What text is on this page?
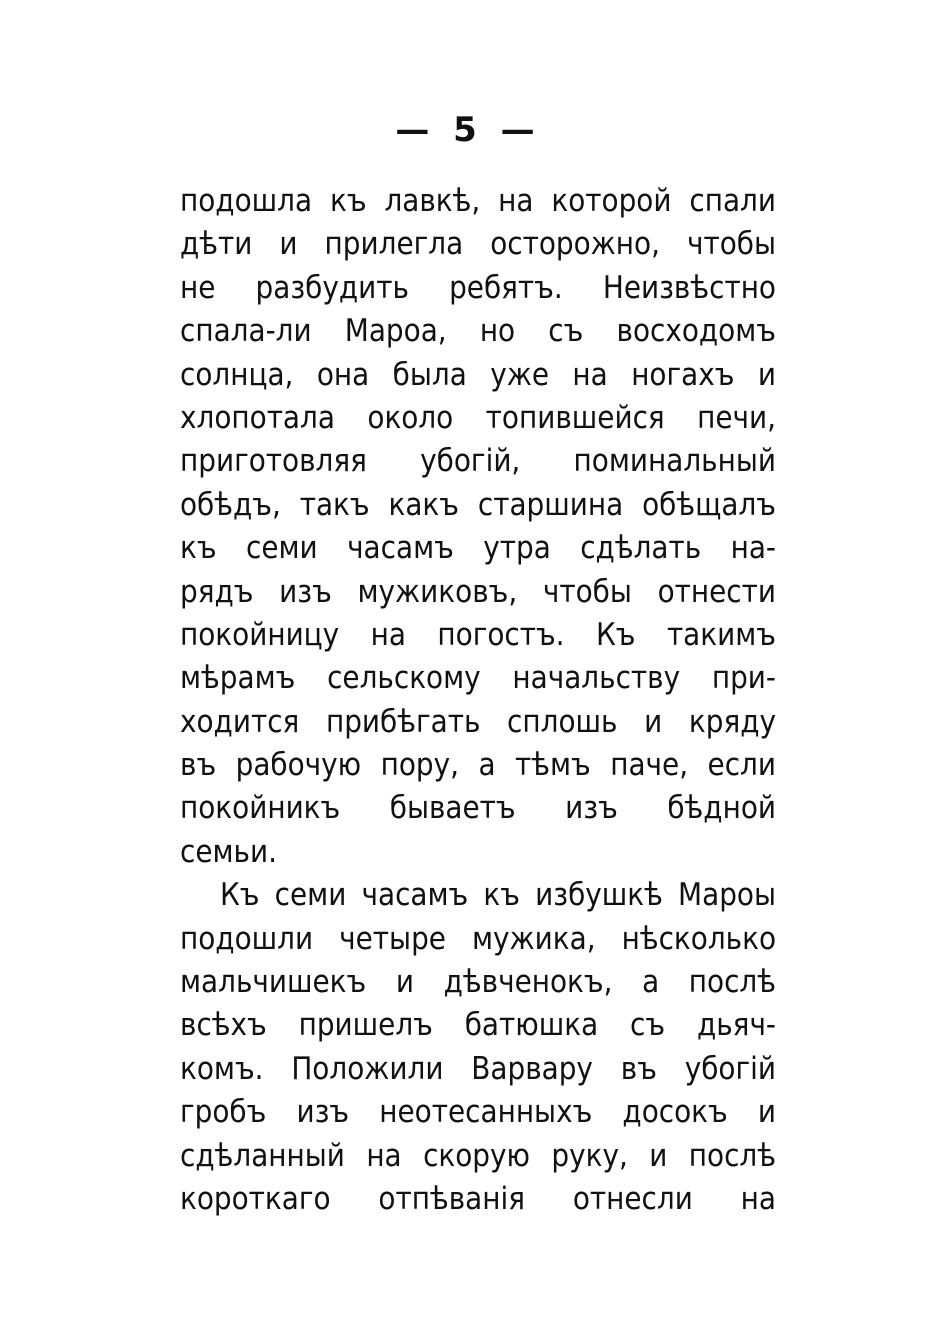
— 5 —
подошла къ лавкѣ, на которой спали
дѣти и прилегла осторожно, чтобы
не разбудить ребятъ. Неизвѣстно
спала-ли Мароа, но съ восходомъ
солнца, она была уже на ногахъ и
хлопотала около топившейся печи,
приготовляя убогій, поминальный
обѣдъ, такъ какъ старшина обѣщалъ
къ семи часамъ утра сдѣлать на-
рядъ изъ мужиковъ, чтобы отнести
покойницу на погостъ. Къ такимъ
мѣрамъ сельскому начальству при-
ходится прибѣгать сплошь и кряду
въ рабочую пору, а тѣмъ паче, если
покойникъ бываетъ изъ бѣдной
семьи.
Къ семи часамъ къ избушкѣ Мароы
подошли четыре мужика, нѣсколько
мальчишекъ и дѣвченокъ, а послѣ
всѣхъ пришелъ батюшка съ дьяч-
комъ. Положили Варвару въ убогій
гробъ изъ неотесанныхъ досокъ и
сдѣланный на скорую руку, и послѣ
короткаго отпѣванія отнесли на
